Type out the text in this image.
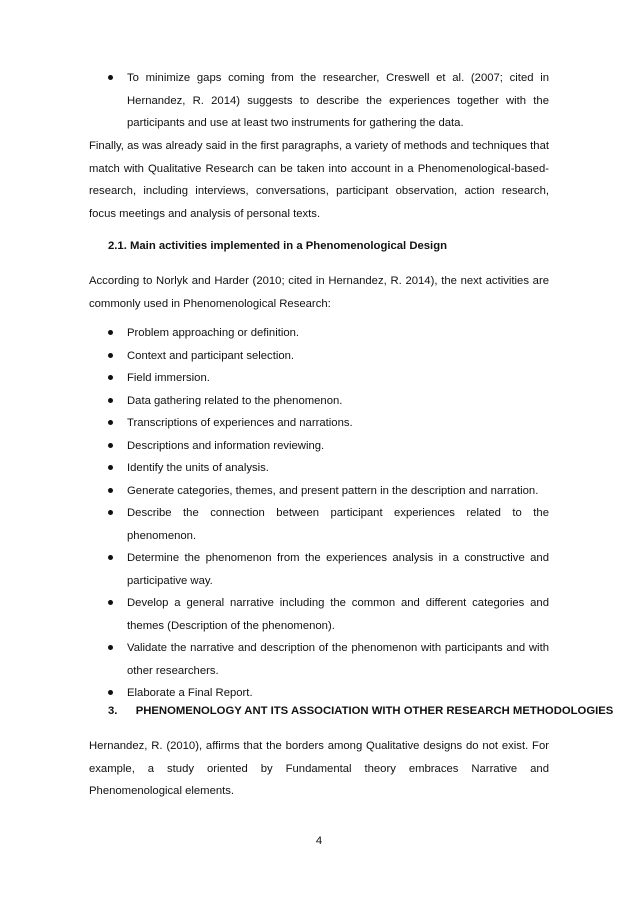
To minimize gaps coming from the researcher, Creswell et al. (2007; cited in Hernandez, R. 2014) suggests to describe the experiences together with the participants and use at least two instruments for gathering the data.

Finally, as was already said in the first paragraphs, a variety of methods and techniques that match with Qualitative Research can be taken into account in a Phenomenological-based-research, including interviews, conversations, participant observation, action research, focus meetings and analysis of personal texts.

2.1. Main activities implemented in a Phenomenological Design

According to Norlyk and Harder (2010; cited in Hernandez, R. 2014), the next activities are commonly used in Phenomenological Research:

Problem approaching or definition.
Context and participant selection.
Field immersion.
Data gathering related to the phenomenon.
Transcriptions of experiences and narrations.
Descriptions and information reviewing.
Identify the units of analysis.
Generate categories, themes, and present pattern in the description and narration.
Describe the connection between participant experiences related to the phenomenon.
Determine the phenomenon from the experiences analysis in a constructive and participative way.
Develop a general narrative including the common and different categories and themes (Description of the phenomenon).
Validate the narrative and description of the phenomenon with participants and with other researchers.
Elaborate a Final Report.
3. PHENOMENOLOGY ANT ITS ASSOCIATION WITH OTHER RESEARCH METHODOLOGIES

Hernandez, R. (2010), affirms that the borders among Qualitative designs do not exist. For example, a study oriented by Fundamental theory embraces Narrative and Phenomenological elements.

4
